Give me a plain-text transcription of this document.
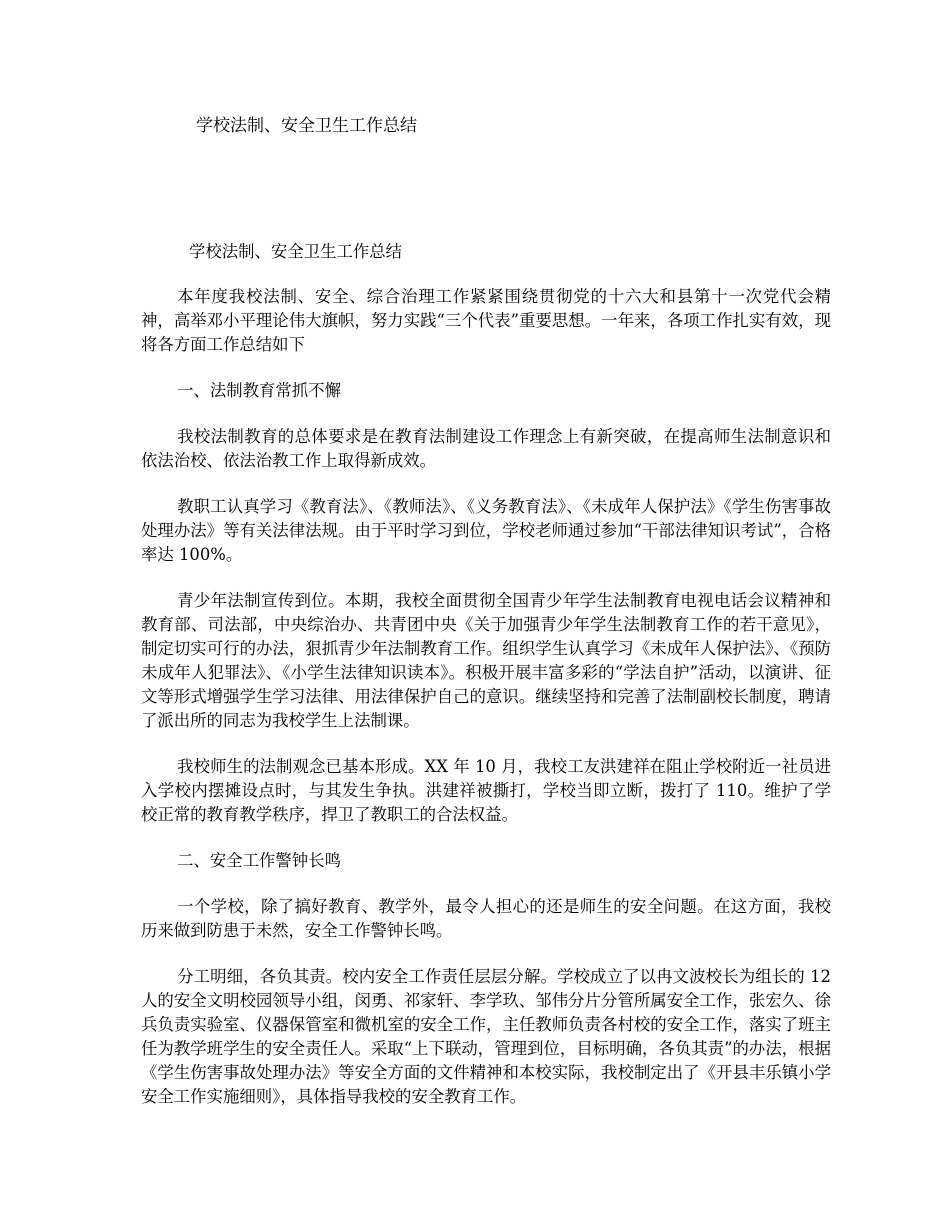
学校法制、安全卫生工作总结

学校法制、安全卫生工作总结

本年度我校法制、安全、综合治理工作紧紧围绕贯彻党的十六大和县第十一次党代会精神，高举邓小平理论伟大旗帜，努力实践“三个代表”重要思想。一年来，各项工作扎实有效，现将各方面工作总结如下

一、法制教育常抓不懈

我校法制教育的总体要求是在教育法制建设工作理念上有新突破，在提高师生法制意识和依法治校、依法治教工作上取得新成效。

教职工认真学习《教育法》、《教师法》、《义务教育法》、《未成年人保护法》《学生伤害事故处理办法》等有关法律法规。由于平时学习到位，学校老师通过参加“干部法律知识考试”，合格率达 100%。

青少年法制宣传到位。本期，我校全面贯彻全国青少年学生法制教育电视电话会议精神和教育部、司法部，中央综治办、共青团中央《关于加强青少年学生法制教育工作的若干意见》，制定切实可行的办法，狠抓青少年法制教育工作。组织学生认真学习《未成年人保护法》、《预防未成年人犯罪法》、《小学生法律知识读本》。积极开展丰富多彩的“学法自护”活动，以演讲、征文等形式增强学生学习法律、用法律保护自己的意识。继续坚持和完善了法制副校长制度，聘请了派出所的同志为我校学生上法制课。

我校师生的法制观念已基本形成。XX 年 10 月，我校工友洪建祥在阻止学校附近一社员进入学校内摆摊设点时，与其发生争执。洪建祥被撕打，学校当即立断，拨打了 110。维护了学校正常的教育教学秩序，捍卫了教职工的合法权益。

二、安全工作警钟长鸣

一个学校，除了搞好教育、教学外，最令人担心的还是师生的安全问题。在这方面，我校历来做到防患于未然，安全工作警钟长鸣。

分工明细，各负其责。校内安全工作责任层层分解。学校成立了以冉文波校长为组长的 12 人的安全文明校园领导小组，闵勇、祁家轩、李学玖、邹伟分片分管所属安全工作，张宏久、徐兵负责实验室、仪器保管室和微机室的安全工作，主任教师负责各村校的安全工作，落实了班主任为教学班学生的安全责任人。采取“上下联动，管理到位，目标明确，各负其责”的办法，根据《学生伤害事故处理办法》等安全方面的文件精神和本校实际，我校制定出了《开县丰乐镇小学安全工作实施细则》，具体指导我校的安全教育工作。
